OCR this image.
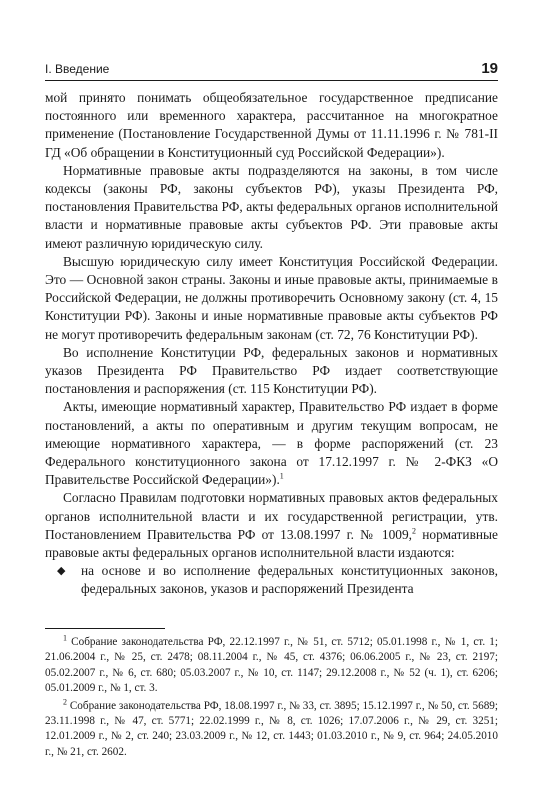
I. Введение	19

мой принято понимать общеобязательное государственное предписание постоянного или временного характера, рассчитанное на многократное применение (Постановление Государственной Думы от 11.11.1996 г. № 781-II ГД «Об обращении в Конституционный суд Российской Федерации»).

Нормативные правовые акты подразделяются на законы, в том числе кодексы (законы РФ, законы субъектов РФ), указы Президента РФ, постановления Правительства РФ, акты федеральных органов исполнительной власти и нормативные правовые акты субъектов РФ. Эти правовые акты имеют различную юридическую силу.

Высшую юридическую силу имеет Конституция Российской Федерации. Это — Основной закон страны. Законы и иные правовые акты, принимаемые в Российской Федерации, не должны противоречить Основному закону (ст. 4, 15 Конституции РФ). Законы и иные нормативные правовые акты субъектов РФ не могут противоречить федеральным законам (ст. 72, 76 Конституции РФ).

Во исполнение Конституции РФ, федеральных законов и нормативных указов Президента РФ Правительство РФ издает соответствующие постановления и распоряжения (ст. 115 Конституции РФ).

Акты, имеющие нормативный характер, Правительство РФ издает в форме постановлений, а акты по оперативным и другим текущим вопросам, не имеющие нормативного характера, — в форме распоряжений (ст. 23 Федерального конституционного закона от 17.12.1997 г. № 2-ФКЗ «О Правительстве Российской Федерации»).$^1$

Согласно Правилам подготовки нормативных правовых актов федеральных органов исполнительной власти и их государственной регистрации, утв. Постановлением Правительства РФ от 13.08.1997 г. № 1009,$^2$ нормативные правовые акты федеральных органов исполнительной власти издаются:

◆ на основе и во исполнение федеральных конституционных законов, федеральных законов, указов и распоряжений Президента

$^1$ Собрание законодательства РФ, 22.12.1997 г., № 51, ст. 5712; 05.01.1998 г., № 1, ст. 1; 21.06.2004 г., № 25, ст. 2478; 08.11.2004 г., № 45, ст. 4376; 06.06.2005 г., № 23, ст. 2197; 05.02.2007 г., № 6, ст. 680; 05.03.2007 г., № 10, ст. 1147; 29.12.2008 г., № 52 (ч. 1), ст. 6206; 05.01.2009 г., № 1, ст. 3.

$^2$ Собрание законодательства РФ, 18.08.1997 г., № 33, ст. 3895; 15.12.1997 г., № 50, ст. 5689; 23.11.1998 г., № 47, ст. 5771; 22.02.1999 г., № 8, ст. 1026; 17.07.2006 г., № 29, ст. 3251; 12.01.2009 г., № 2, ст. 240; 23.03.2009 г., № 12, ст. 1443; 01.03.2010 г., № 9, ст. 964; 24.05.2010 г., № 21, ст. 2602.
